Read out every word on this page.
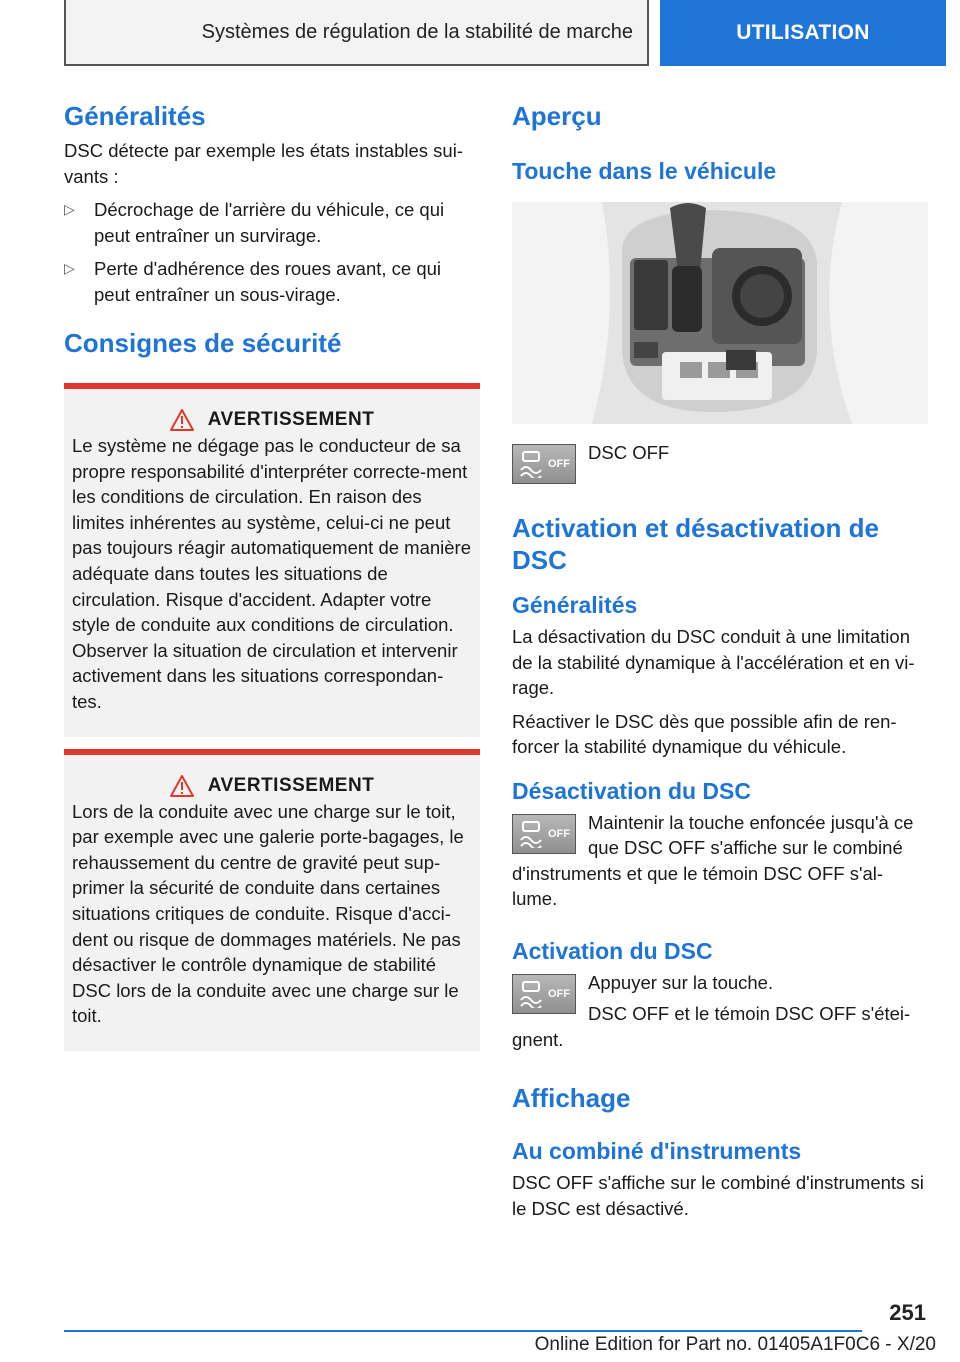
Systèmes de régulation de la stabilité de marche	UTILISATION
Généralités

DSC détecte par exemple les états instables sui-vants :

▷ Décrochage de l'arrière du véhicule, ce qui peut entraîner un survirage.
▷ Perte d'adhérence des roues avant, ce qui peut entraîner un sous-virage.
Consignes de sécurité
AVERTISSEMENT

Le système ne dégage pas le conducteur de sa propre responsabilité d'interpréter correcte-ment les conditions de circulation. En raison des limites inhérentes au système, celui-ci ne peut pas toujours réagir automatiquement de manière adéquate dans toutes les situations de circulation. Risque d'accident. Adapter votre style de conduite aux conditions de circulation. Observer la situation de circulation et intervenir activement dans les situations correspondan-tes.

AVERTISSEMENT

Lors de la conduite avec une charge sur le toit, par exemple avec une galerie porte-bagages, le rehaussement du centre de gravité peut sup-primer la sécurité de conduite dans certaines situations critiques de conduite. Risque d'acci-dent ou risque de dommages matériels. Ne pas désactiver le contrôle dynamique de stabilité DSC lors de la conduite avec une charge sur le toit.

Aperçu
Touche dans le véhicule
OFF

DSC OFF

Activation et désactivation de DSC
Généralités

La désactivation du DSC conduit à une limitation de la stabilité dynamique à l'accélération et en vi-rage.

Réactiver le DSC dès que possible afin de ren-forcer la stabilité dynamique du véhicule.

Désactivation du DSC
OFF

Maintenir la touche enfoncée jusqu'à ce que DSC OFF s'affiche sur le combiné d'instruments et que le témoin DSC OFF s'al-lume.

Activation du DSC
OFF

Appuyer sur la touche.

DSC OFF et le témoin DSC OFF s'étei-gnent.

Affichage
Au combiné d'instruments

DSC OFF s'affiche sur le combiné d'instruments si le DSC est désactivé.

251
Online Edition for Part no. 01405A1F0C6 - X/20
